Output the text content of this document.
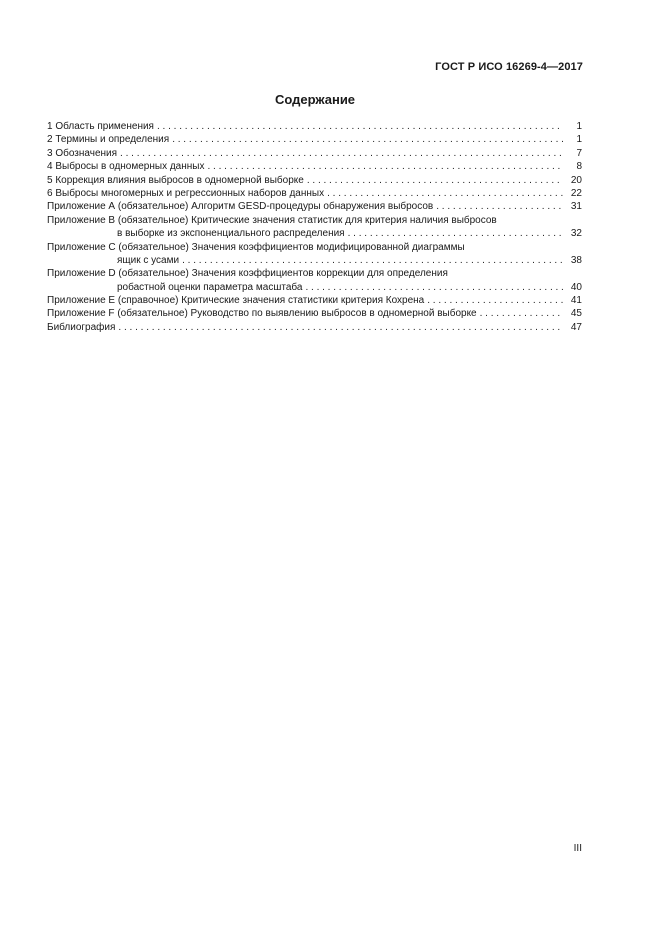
ГОСТ Р ИСО 16269-4—2017
Содержание
1 Область применения . . .	1
2 Термины и определения . . .	1
3 Обозначения . . .	7
4 Выбросы в одномерных данных . . .	8
5 Коррекция влияния выбросов в одномерной выборке . . .	20
6 Выбросы многомерных и регрессионных наборов данных . . .	22
Приложение А (обязательное) Алгоритм GESD-процедуры обнаружения выбросов . . .	31
Приложение В (обязательное) Критические значения статистик для критерия наличия выбросов
в выборке из экспоненциального распределения . . .	32
Приложение С (обязательное) Значения коэффициентов модифицированной диаграммы
ящик с усами . . .	38
Приложение D (обязательное) Значения коэффициентов коррекции для определения
робастной оценки параметра масштаба . . .	40
Приложение Е (справочное) Критические значения статистики критерия Кохрена . . .	41
Приложение F (обязательное) Руководство по выявлению выбросов в одномерной выборке . . .	45
Библиография . . .	47
III
